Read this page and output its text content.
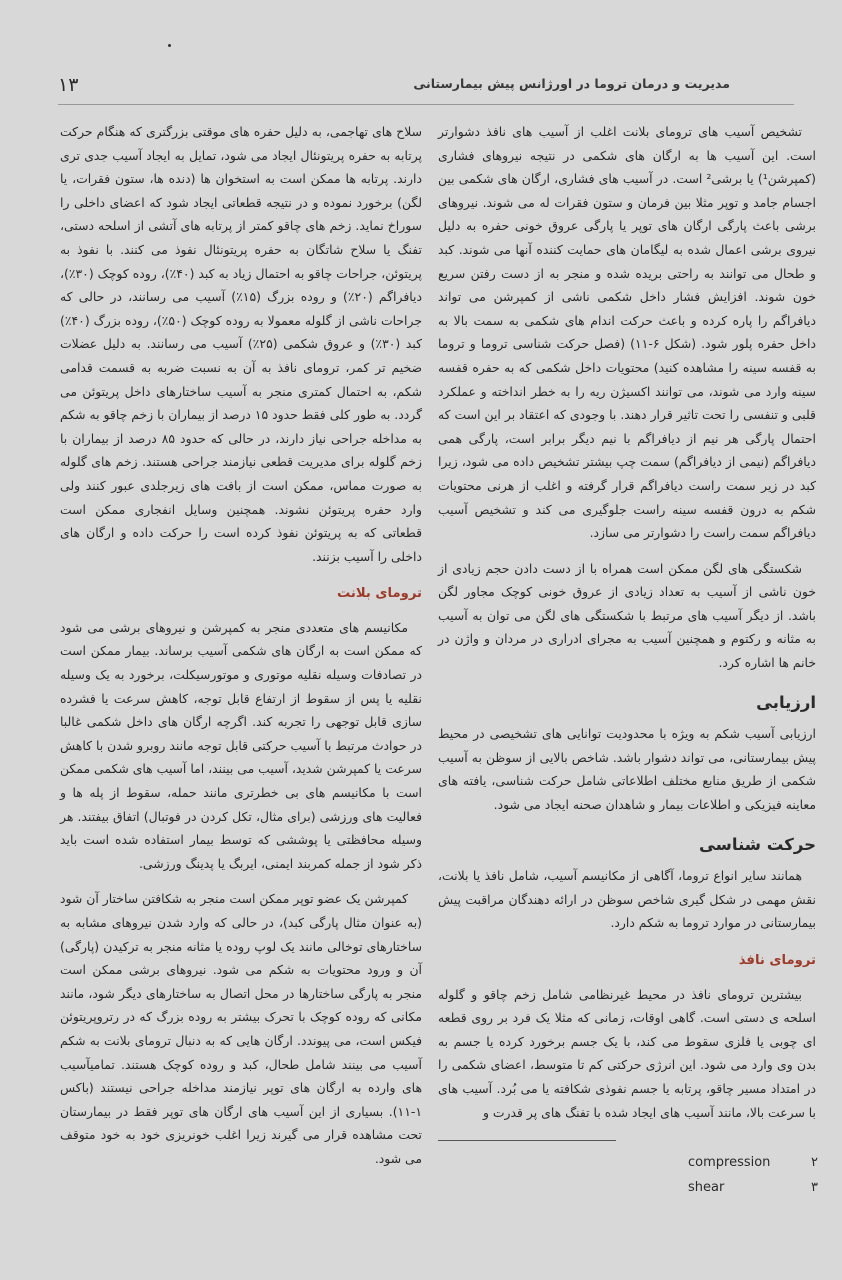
۱۳	مدیریت و درمان تروما در اورژانس پیش بیمارستانی

تشخیص آسیب های ترومای بلانت اغلب از آسیب های نافذ دشوارتر است. این آسیب ها به ارگان های شکمی در نتیجه نیروهای فشاری (کمپرشن¹) یا برشی² است. در آسیب های فشاری، ارگان های شکمی بین اجسام جامد و توپر مثلا بین فرمان و ستون فقرات له می شوند. نیروهای برشی باعث پارگی ارگان های توپر یا پارگی عروق خونی حفره به دلیل نیروی برشی اعمال شده به لیگامان های حمایت کننده آنها می شوند. کبد و طحال می توانند به راحتی بریده شده و منجر به از دست رفتن سریع خون شوند. افزایش فشار داخل شکمی ناشی از کمپرشن می تواند دیافراگم را پاره کرده و باعث حرکت اندام های شکمی به سمت بالا به داخل حفره پلور شود. (شکل ۶-۱۱) (فصل حرکت شناسی تروما و تروما به قفسه سینه را مشاهده کنید) محتویات داخل شکمی که به حفره قفسه سینه وارد می شوند، می توانند اکسیژن ریه را به خطر انداخته و عملکرد قلبی و تنفسی را تحت تاثیر قرار دهند. با وجودی که اعتقاد بر این است که احتمال پارگی هر نیم از دیافراگم با نیم دیگر برابر است، پارگی همی دیافراگم (نیمی از دیافراگم) سمت چپ بیشتر تشخیص داده می شود، زیرا کبد در زیر سمت راست دیافراگم قرار گرفته و اغلب از هرنی محتویات شکم به درون قفسه سینه راست جلوگیری می کند و تشخیص آسیب دیافراگم سمت راست را دشوارتر می سازد.

شکستگی های لگن ممکن است همراه با از دست دادن حجم زیادی از خون ناشی از آسیب به تعداد زیادی از عروق خونی کوچک مجاور لگن باشد. از دیگر آسیب های مرتبط با شکستگی های لگن می توان به آسیب به مثانه و رکتوم و همچنین آسیب به مجرای ادراری در مردان و واژن در خانم ها اشاره کرد.

ارزیابی

ارزیابی آسیب شکم به ویژه با محدودیت توانایی های تشخیصی در محیط پیش بیمارستانی، می تواند دشوار باشد. شاخص بالایی از سوظن به آسیب شکمی از طریق منابع مختلف اطلاعاتی شامل حرکت شناسی، یافته های معاینه فیزیکی و اطلاعات بیمار و شاهدان صحنه ایجاد می شود.

حرکت شناسی

همانند سایر انواع تروما، آگاهی از مکانیسم آسیب، شامل نافذ یا بلانت، نقش مهمی در شکل گیری شاخص سوظن در ارائه دهندگان مراقبت پیش بیمارستانی در موارد تروما به شکم دارد.

ترومای نافذ

بیشترین ترومای نافذ در محیط غیرنظامی شامل زخم چاقو و گلوله اسلحه ی دستی است. گاهی اوقات، زمانی که مثلا یک فرد بر روی قطعه ای چوبی یا فلزی سقوط می کند، با یک جسم برخورد کرده یا جسم به بدن وی وارد می شود. این انرژی حرکتی کم تا متوسط، اعضای شکمی را در امتداد مسیر چاقو، پرتابه یا جسم نفوذی شکافته یا می بُرد. آسیب های با سرعت بالا، مانند آسیب های ایجاد شده با تفنگ های پر قدرت و

سلاح های تهاجمی، به دلیل حفره های موقتی بزرگتری که هنگام حرکت پرتابه به حفره پریتونئال ایجاد می شود، تمایل به ایجاد آسیب جدی تری دارند. پرتابه ها ممکن است به استخوان ها (دنده ها، ستون فقرات، یا لگن) برخورد نموده و در نتیجه قطعاتی ایجاد شود که اعضای داخلی را سوراخ نماید. زخم های چاقو کمتر از پرتابه های آتشی از اسلحه دستی، تفنگ یا سلاح شاتگان به حفره پریتونئال نفوذ می کنند. با نفوذ به پریتوئن، جراحات چاقو به احتمال زیاد به کبد (۴۰٪)، روده کوچک (۳۰٪)، دیافراگم (۲۰٪) و روده بزرگ (۱۵٪) آسیب می رسانند، در حالی که جراحات ناشی از گلوله معمولا به روده کوچک (۵۰٪)، روده بزرگ (۴۰٪) کبد (۳۰٪) و عروق شکمی (۲۵٪) آسیب می رسانند. به دلیل عضلات ضخیم تر کمر، ترومای نافذ به آن به نسبت ضربه به قسمت قدامی شکم، به احتمال کمتری منجر به آسیب ساختارهای داخل پریتوئن می گردد. به طور کلی فقط حدود ۱۵ درصد از بیماران با زخم چاقو به شکم به مداخله جراحی نیاز دارند، در حالی که حدود ۸۵ درصد از بیماران با زخم گلوله برای مدیریت قطعی نیازمند جراحی هستند. زخم های گلوله به صورت مماس، ممکن است از بافت های زیرجلدی عبور کنند ولی وارد حفره پریتوئن نشوند. همچنین وسایل انفجاری ممکن است قطعاتی که به پریتوئن نفوذ کرده است را حرکت داده و ارگان های داخلی را آسیب بزنند.

ترومای بلانت

مکانیسم های متعددی منجر به کمپرشن و نیروهای برشی می شود که ممکن است به ارگان های شکمی آسیب برساند. بیمار ممکن است در تصادفات وسیله نقلیه موتوری و موتورسیکلت، برخورد به یک وسیله نقلیه یا پس از سقوط از ارتفاع قابل توجه، کاهش سرعت یا فشرده سازی قابل توجهی را تجربه کند. اگرچه ارگان های داخل شکمی غالبا در حوادث مرتبط با آسیب حرکتی قابل توجه مانند روبرو شدن با کاهش سرعت یا کمپرشن شدید، آسیب می بینند، اما آسیب های شکمی ممکن است با مکانیسم های بی خطرتری مانند حمله، سقوط از پله ها و فعالیت های ورزشی (برای مثال، تکل کردن در فوتبال) اتفاق بیفتند. هر وسیله محافظتی یا پوششی که توسط بیمار استفاده شده است باید ذکر شود از جمله کمربند ایمنی، ایربگ یا پدینگ ورزشی.

کمپرشن یک عضو توپر ممکن است منجر به شکافتن ساختار آن شود (به عنوان مثال پارگی کبد)، در حالی که وارد شدن نیروهای مشابه به ساختارهای توخالی مانند یک لوپ روده یا مثانه منجر به ترکیدن (پارگی) آن و ورود محتویات به شکم می شود. نیروهای برشی ممکن است منجر به پارگی ساختارها در محل اتصال به ساختارهای دیگر شود، مانند مکانی که روده کوچک با تحرک بیشتر به روده بزرگ که در رتروپریتوئن فیکس است، می پیوندد. ارگان هایی که به دنبال ترومای بلانت به شکم آسیب می بینند شامل طحال، کبد و روده کوچک هستند. تمامیآسیب های وارده به ارگان های توپر نیازمند مداخله جراحی نیستند (باکس ۱-۱۱). بسیاری از این آسیب های ارگان های توپر فقط در بیمارستان تحت مشاهده قرار می گیرند زیرا اغلب خونریزی خود به خود متوقف می شود.	compression	۲
shear	۳
